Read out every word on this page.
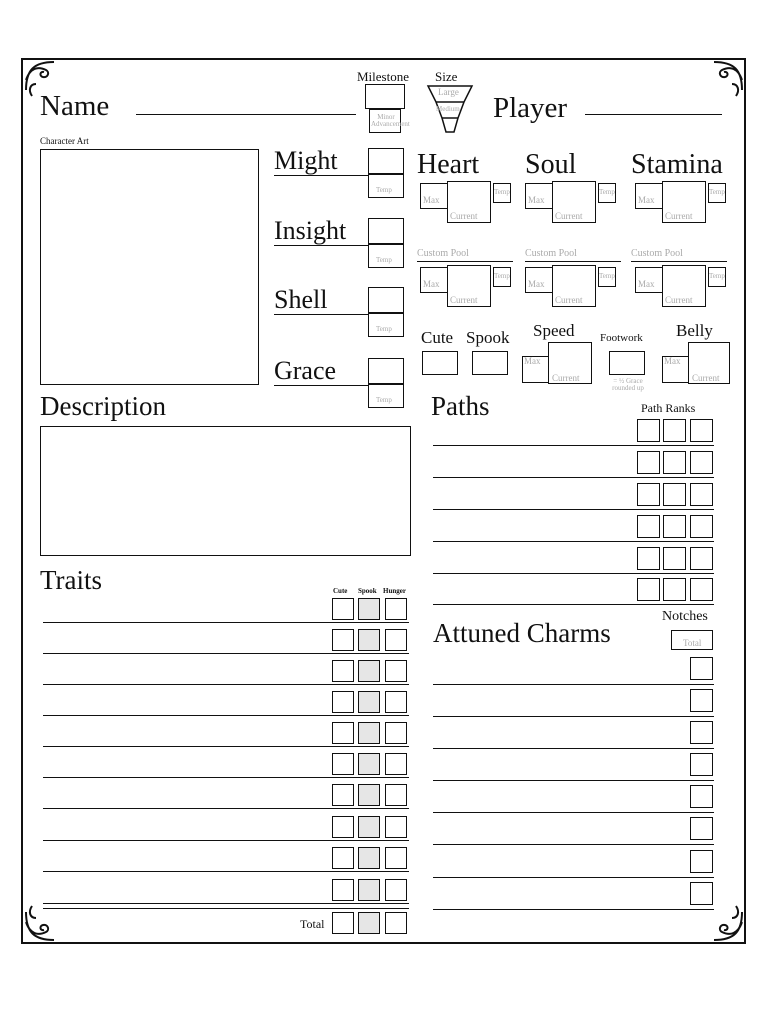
Name
Milestone
Minor Advancement
Size
Large
Medium Player
Character Art
Cute Spook Speed
Max
Current
Footwork
= ½ Grace rounded up
Belly
Max
Current
Description
Traits	Cute Spook Hunger
Total
Paths	Path Ranks
Attuned Charms
Notches
Total
Might
Temp
Insight
Temp
Shell
Temp
Grace
Temp
Heart
Max
Current
Temp
Soul
Max
Current
Temp
Stamina
Max
Current
Temp
Custom Pool
Max
Current
Temp
Custom Pool
Max
Current
Temp
Custom Pool
Max
Current
Temp
